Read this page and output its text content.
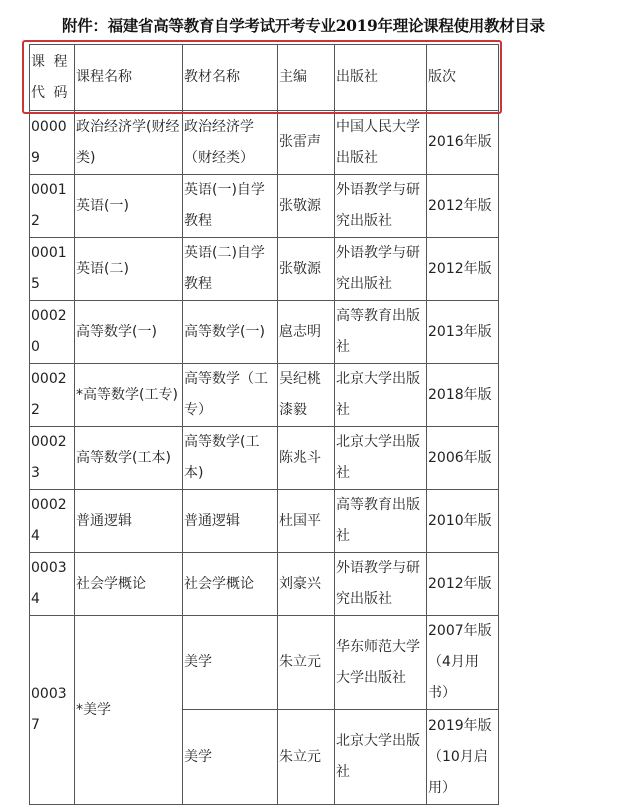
附件：福建省高等教育自学考试开考专业2019年理论课程使用教材目录
课 程 代 码	课程名称	教材名称	主编	出版社	版次
00009	政治经济学(财经类)	政治经济学（财经类）	张雷声	中国人民大学出版社	2016年版
00012	英语(一)	英语(一)自学教程	张敬源	外语教学与研究出版社	2012年版
00015	英语(二)	英语(二)自学教程	张敬源	外语教学与研究出版社	2012年版
00020	高等数学(一)	高等数学(一)	扈志明	高等教育出版社	2013年版
00022	*高等数学(工专)	高等数学（工专）	吴纪桃 漆毅	北京大学出版社	2018年版
00023	高等数学(工本)	高等数学(工本)	陈兆斗	北京大学出版社	2006年版
00024	普通逻辑	普通逻辑	杜国平	高等教育出版社	2010年版
00034	社会学概论	社会学概论	刘豪兴	外语教学与研究出版社	2012年版
00037	*美学	美学	朱立元	华东师范大学大学出版社	2007年版（4月用书）
		美学	朱立元	北京大学出版社	2019年版（10月启用）
